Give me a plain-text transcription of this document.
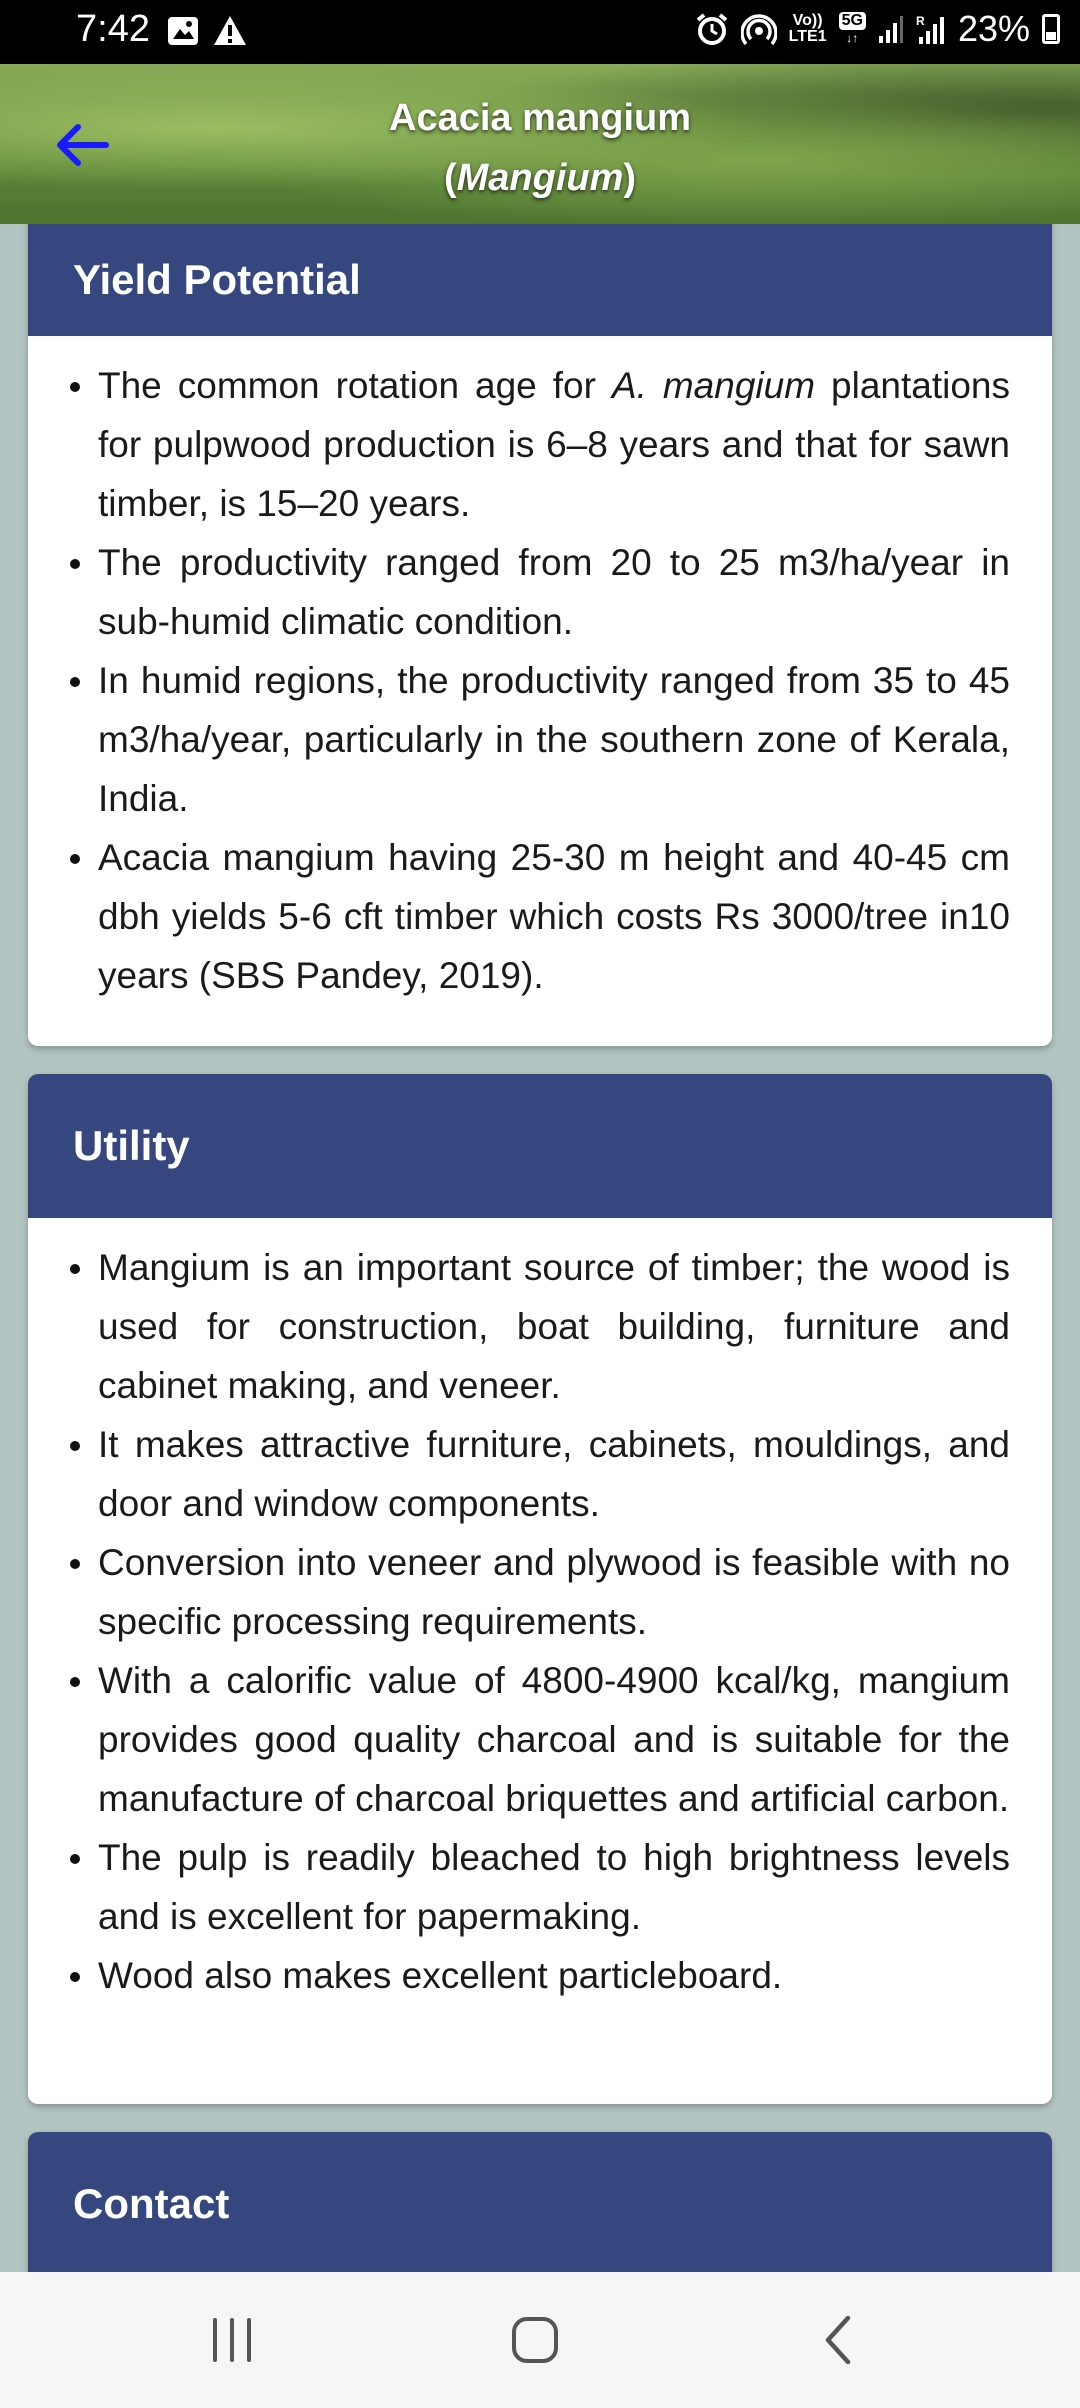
7:42	Vo))
LTE1
5G
↓↑
R 23%
Acacia mangium
(Mangium)
Yield Potential
The common rotation age for A. mangium plantations for pulpwood production is 6–8 years and that for sawn timber, is 15–20 years.
The productivity ranged from 20 to 25 m3/ha/year in sub-humid climatic condition.
In humid regions, the productivity ranged from 35 to 45 m3/ha/year, particularly in the southern zone of Kerala, India.
Acacia mangium having 25-30 m height and 40-45 cm dbh yields 5-6 cft timber which costs Rs 3000/tree in10 years (SBS Pandey, 2019).
Utility
Mangium is an important source of timber; the wood is used for construction, boat building, furniture and cabinet making, and veneer.
It makes attractive furniture, cabinets, mouldings, and door and window components.
Conversion into veneer and plywood is feasible with no specific processing requirements.
With a calorific value of 4800-4900 kcal/kg, mangium provides good quality charcoal and is suitable for the manufacture of charcoal briquettes and artificial carbon.
The pulp is readily bleached to high brightness levels and is excellent for papermaking.
Wood also makes excellent particleboard.
Contact
